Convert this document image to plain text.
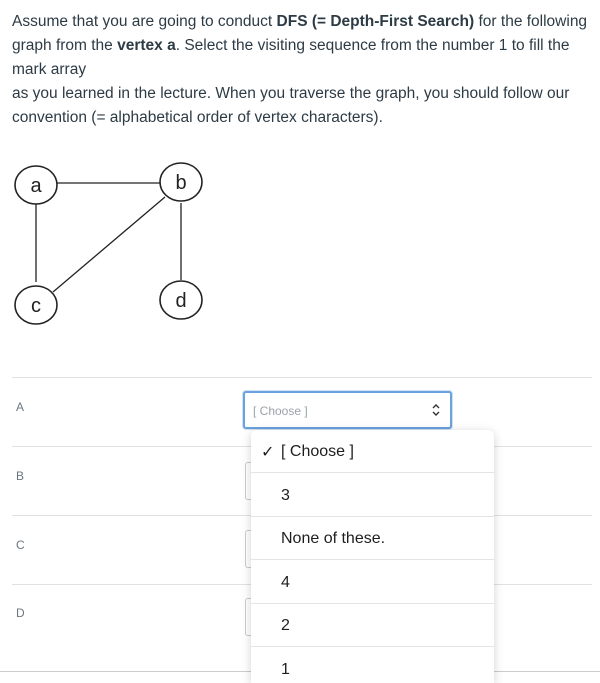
Assume that you are going to conduct DFS (= Depth-First Search) for the following graph from the vertex a. Select the visiting sequence from the number 1 to fill the mark array

as you learned in the lecture. When you traverse the graph, you should follow our convention (= alphabetical order of vertex characters).

a	b
c	d
A
B
C
D
[ Choose ]
✓ [ Choose ]
3
None of these.
4
2
1
